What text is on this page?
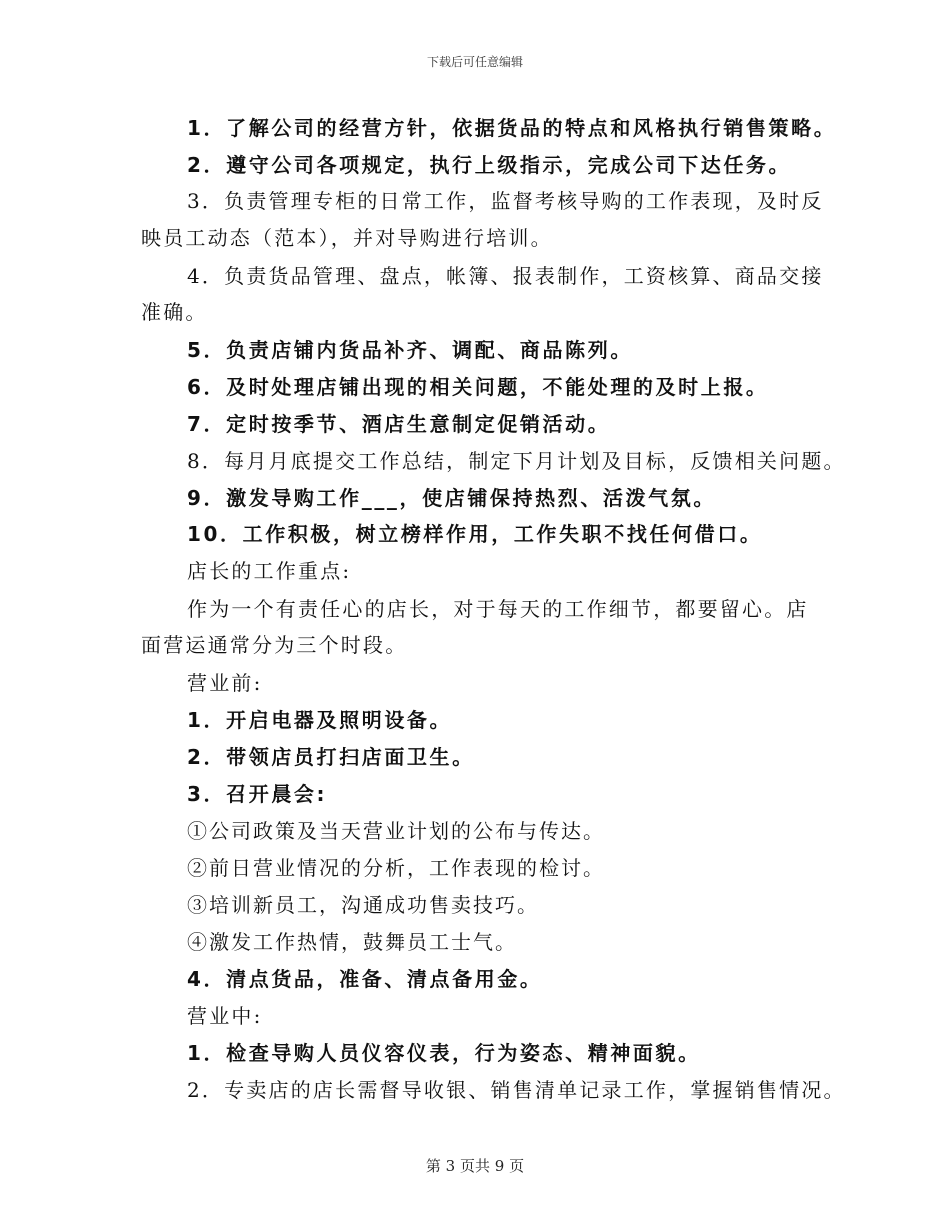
下载后可任意编辑
1．了解公司的经营方针，依据货品的特点和风格执行销售策略。
2．遵守公司各项规定，执行上级指示，完成公司下达任务。
3．负责管理专柜的日常工作，监督考核导购的工作表现，及时反
映员工动态（范本），并对导购进行培训。
4．负责货品管理、盘点，帐簿、报表制作，工资核算、商品交接
准确。
5．负责店铺内货品补齐、调配、商品陈列。
6．及时处理店铺出现的相关问题，不能处理的及时上报。
7．定时按季节、酒店生意制定促销活动。
8．每月月底提交工作总结，制定下月计划及目标，反馈相关问题。
9．激发导购工作___，使店铺保持热烈、活泼气氛。
10．工作积极，树立榜样作用，工作失职不找任何借口。
店长的工作重点:
作为一个有责任心的店长，对于每天的工作细节，都要留心。店
面营运通常分为三个时段。
营业前:
1．开启电器及照明设备。
2．带领店员打扫店面卫生。
3．召开晨会:
①公司政策及当天营业计划的公布与传达。
②前日营业情况的分析，工作表现的检讨。
③培训新员工，沟通成功售卖技巧。
④激发工作热情，鼓舞员工士气。
4．清点货品，准备、清点备用金。
营业中:
1．检查导购人员仪容仪表，行为姿态、精神面貌。
2．专卖店的店长需督导收银、销售清单记录工作，掌握销售情况。
第 3 页共 9 页
